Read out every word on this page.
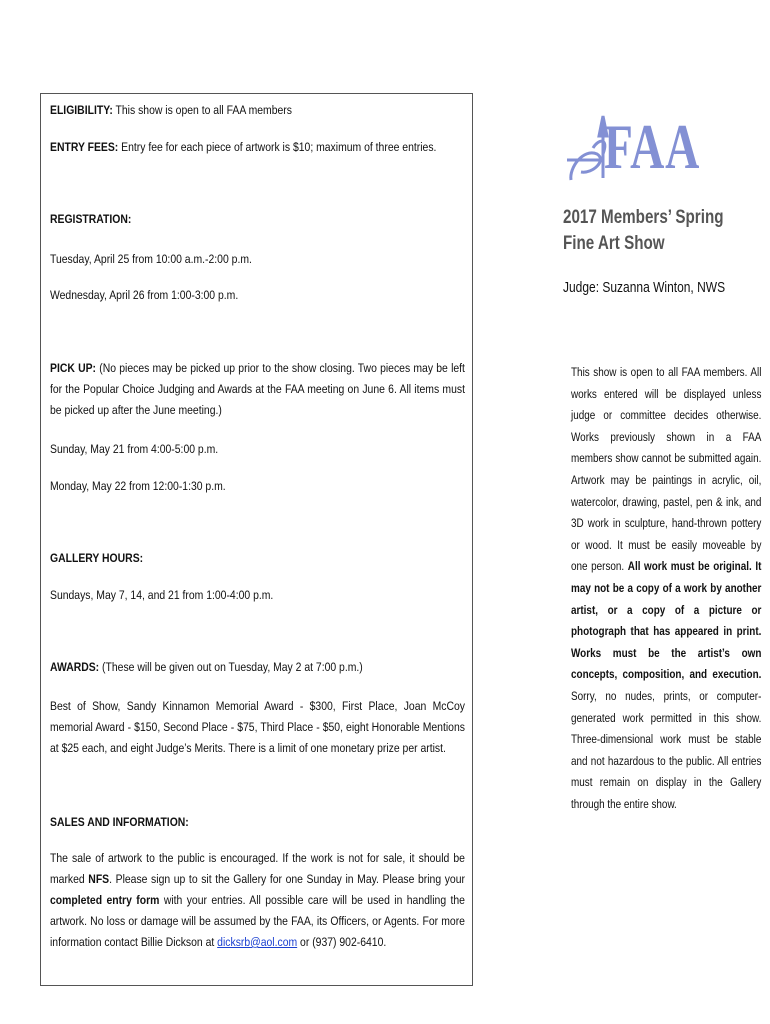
ELIGIBILITY: This show is open to all FAA members

ENTRY FEES: Entry fee for each piece of artwork is $10; maximum of three entries.

REGISTRATION:

Tuesday, April 25 from 10:00 a.m.-2:00 p.m.

Wednesday, April 26 from 1:00-3:00 p.m.

PICK UP: (No pieces may be picked up prior to the show closing. Two pieces may be left for the Popular Choice Judging and Awards at the FAA meeting on June 6. All items must be picked up after the June meeting.)

Sunday, May 21 from 4:00-5:00 p.m.

Monday, May 22 from 12:00-1:30 p.m.

GALLERY HOURS:

Sundays, May 7, 14, and 21 from 1:00-4:00 p.m.

AWARDS: (These will be given out on Tuesday, May 2 at 7:00 p.m.)

Best of Show, Sandy Kinnamon Memorial Award - $300, First Place, Joan McCoy memorial Award - $150, Second Place - $75, Third Place - $50, eight Honorable Mentions at $25 each, and eight Judge’s Merits. There is a limit of one monetary prize per artist.

SALES AND INFORMATION:

The sale of artwork to the public is encouraged. If the work is not for sale, it should be marked NFS. Please sign up to sit the Gallery for one Sunday in May. Please bring your completed entry form with your entries. All possible care will be used in handling the artwork. No loss or damage will be assumed by the FAA, its Officers, or Agents. For more information contact Billie Dickson at dicksrb@aol.com or (937) 902-6410.

FAA
2017 Members’ Spring Fine Art Show
Judge: Suzanna Winton, NWS
This show is open to all FAA members. All works entered will be displayed unless judge or committee decides otherwise. Works previously shown in a FAA members show cannot be submitted again. Artwork may be paintings in acrylic, oil, watercolor, drawing, pastel, pen & ink, and 3D work in sculpture, hand-thrown pottery or wood. It must be easily moveable by one person. All work must be original. It may not be a copy of a work by another artist, or a copy of a picture or photograph that has appeared in print. Works must be the artist’s own concepts, composition, and execution. Sorry, no nudes, prints, or computer-generated work permitted in this show. Three-dimensional work must be stable and not hazardous to the public. All entries must remain on display in the Gallery through the entire show.
